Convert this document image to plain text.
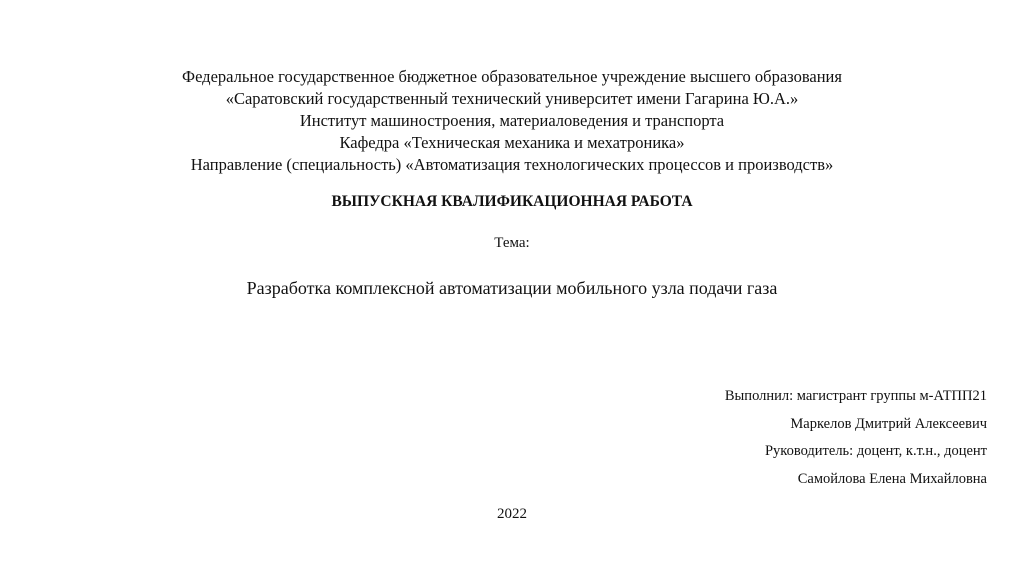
Федеральное государственное бюджетное образовательное учреждение высшего образования
«Саратовский государственный технический университет имени Гагарина Ю.А.»
Институт машиностроения, материаловедения и транспорта
Кафедра «Техническая механика и мехатроника»
Направление (специальность) «Автоматизация технологических процессов и производств»
ВЫПУСКНАЯ КВАЛИФИКАЦИОННАЯ РАБОТА
Тема:
Разработка комплексной автоматизации мобильного узла подачи газа
Выполнил: магистрант группы м-АТПП21
Маркелов Дмитрий Алексеевич
Руководитель: доцент, к.т.н., доцент
Самойлова Елена Михайловна
2022
